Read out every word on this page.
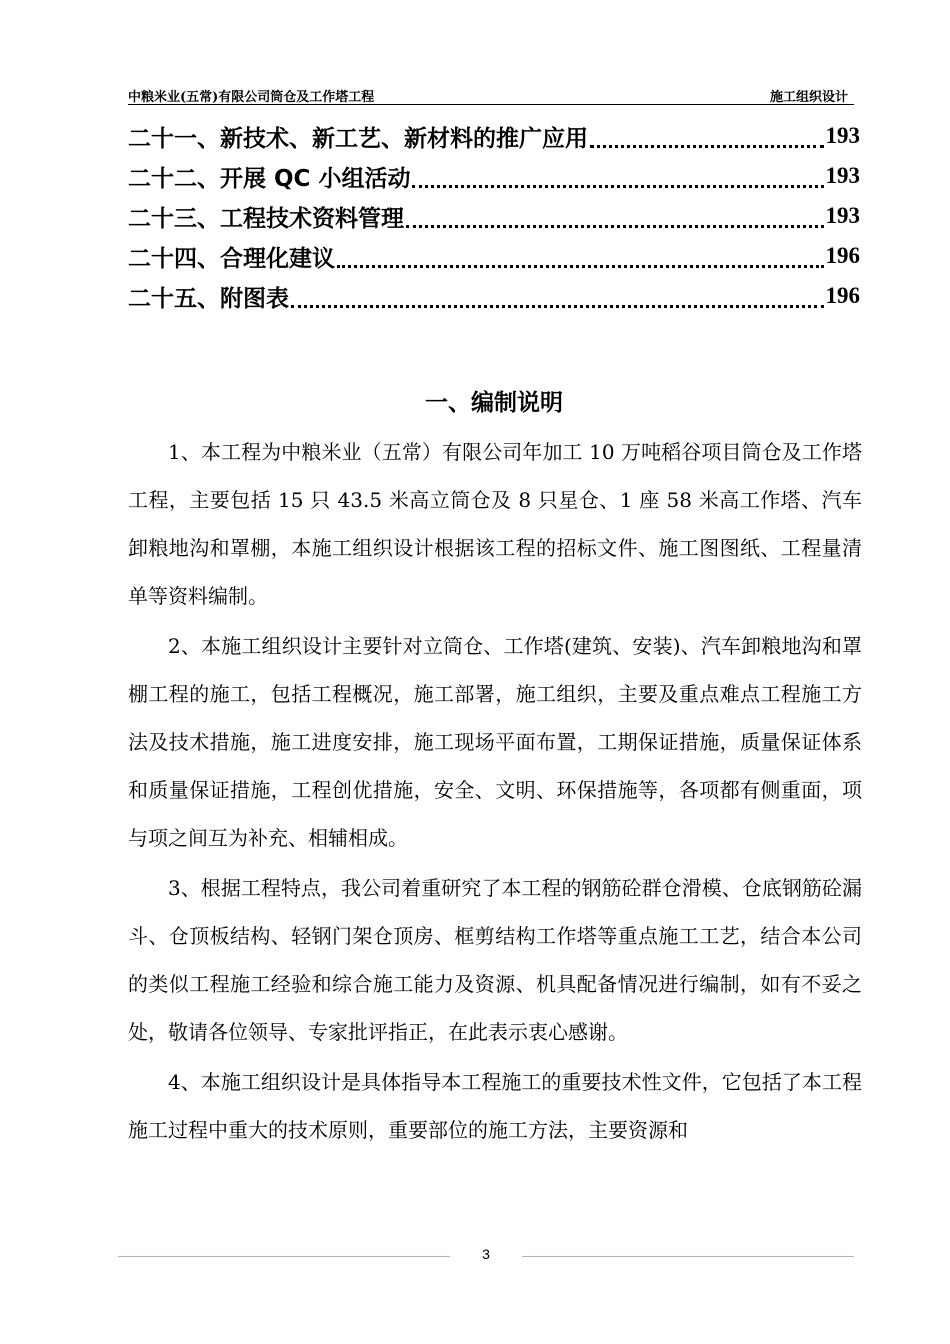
中粮米业(五常)有限公司筒仓及工作塔工程	施工组织设计
二十一、新技术、新工艺、新材料的推广应用	193
二十二、开展 QC 小组活动	193
二十三、工程技术资料管理	193
二十四、合理化建议	196
二十五、附图表	196
一、编制说明

1、本工程为中粮米业（五常）有限公司年加工 10 万吨稻谷项目筒仓及工作塔工程，主要包括 15 只 43.5 米高立筒仓及 8 只星仓、1 座 58 米高工作塔、汽车卸粮地沟和罩棚，本施工组织设计根据该工程的招标文件、施工图图纸、工程量清单等资料编制。

2、本施工组织设计主要针对立筒仓、工作塔(建筑、安装)、汽车卸粮地沟和罩棚工程的施工，包括工程概况，施工部署，施工组织，主要及重点难点工程施工方法及技术措施，施工进度安排，施工现场平面布置，工期保证措施，质量保证体系和质量保证措施，工程创优措施，安全、文明、环保措施等，各项都有侧重面，项与项之间互为补充、相辅相成。

3、根据工程特点，我公司着重研究了本工程的钢筋砼群仓滑模、仓底钢筋砼漏斗、仓顶板结构、轻钢门架仓顶房、框剪结构工作塔等重点施工工艺，结合本公司的类似工程施工经验和综合施工能力及资源、机具配备情况进行编制，如有不妥之处，敬请各位领导、专家批评指正，在此表示衷心感谢。

4、本施工组织设计是具体指导本工程施工的重要技术性文件，它包括了本工程施工过程中重大的技术原则，重要部位的施工方法，主要资源和

3
